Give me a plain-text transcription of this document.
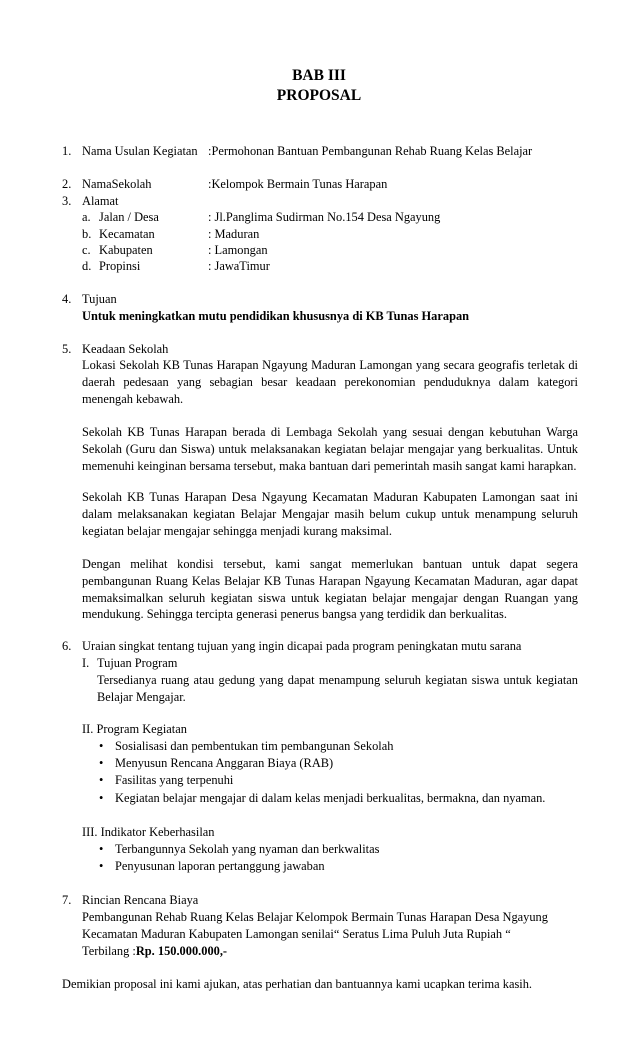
BAB III
PROPOSAL
1. Nama Usulan Kegiatan :Permohonan Bantuan Pembangunan Rehab Ruang Kelas Belajar
2. NamaSekolah	:Kelompok Bermain Tunas Harapan
3. Alamat
a. Jalan / Desa	: Jl.Panglima Sudirman No.154 Desa Ngayung
b. Kecamatan	: Maduran
c. Kabupaten	: Lamongan
d. Propinsi	: JawaTimur
4. Tujuan
Untuk meningkatkan mutu pendidikan khususnya di KB Tunas Harapan
5. Keadaan Sekolah
Lokasi Sekolah KB Tunas Harapan Ngayung Maduran Lamongan yang secara geografis terletak di daerah pedesaan yang sebagian besar keadaan perekonomian penduduknya dalam kategori menengah kebawah.
Sekolah KB Tunas Harapan berada di Lembaga Sekolah yang sesuai dengan kebutuhan Warga Sekolah (Guru dan Siswa) untuk melaksanakan kegiatan belajar mengajar yang berkualitas. Untuk memenuhi keinginan bersama tersebut, maka bantuan dari pemerintah masih sangat kami harapkan.
Sekolah KB Tunas Harapan Desa Ngayung Kecamatan Maduran Kabupaten Lamongan saat ini dalam melaksanakan kegiatan Belajar Mengajar masih belum cukup untuk menampung seluruh kegiatan belajar mengajar sehingga menjadi kurang maksimal.
Dengan melihat kondisi tersebut, kami sangat memerlukan bantuan untuk dapat segera pembangunan Ruang Kelas Belajar KB Tunas Harapan Ngayung Kecamatan Maduran, agar dapat memaksimalkan seluruh kegiatan siswa untuk kegiatan belajar mengajar dengan Ruangan yang mendukung. Sehingga tercipta generasi penerus bangsa yang terdidik dan berkualitas.
6. Uraian singkat tentang tujuan yang ingin dicapai pada program peningkatan mutu sarana
I. Tujuan Program
Tersedianya ruang atau gedung yang dapat menampung seluruh kegiatan siswa untuk kegiatan Belajar Mengajar.
II. Program Kegiatan
• Sosialisasi dan pembentukan tim pembangunan Sekolah
• Menyusun Rencana Anggaran Biaya (RAB)
• Fasilitas yang terpenuhi
• Kegiatan belajar mengajar di dalam kelas menjadi berkualitas, bermakna, dan nyaman.
III. Indikator Keberhasilan
• Terbangunnya Sekolah yang nyaman dan berkwalitas
• Penyusunan laporan pertanggung jawaban
7. Rincian Rencana Biaya
Pembangunan Rehab Ruang Kelas Belajar Kelompok Bermain Tunas Harapan Desa Ngayung
Kecamatan Maduran Kabupaten Lamongan senilai“ Seratus Lima Puluh Juta Rupiah “
Terbilang :Rp. 150.000.000,-
Demikian proposal ini kami ajukan, atas perhatian dan bantuannya kami ucapkan terima kasih.
